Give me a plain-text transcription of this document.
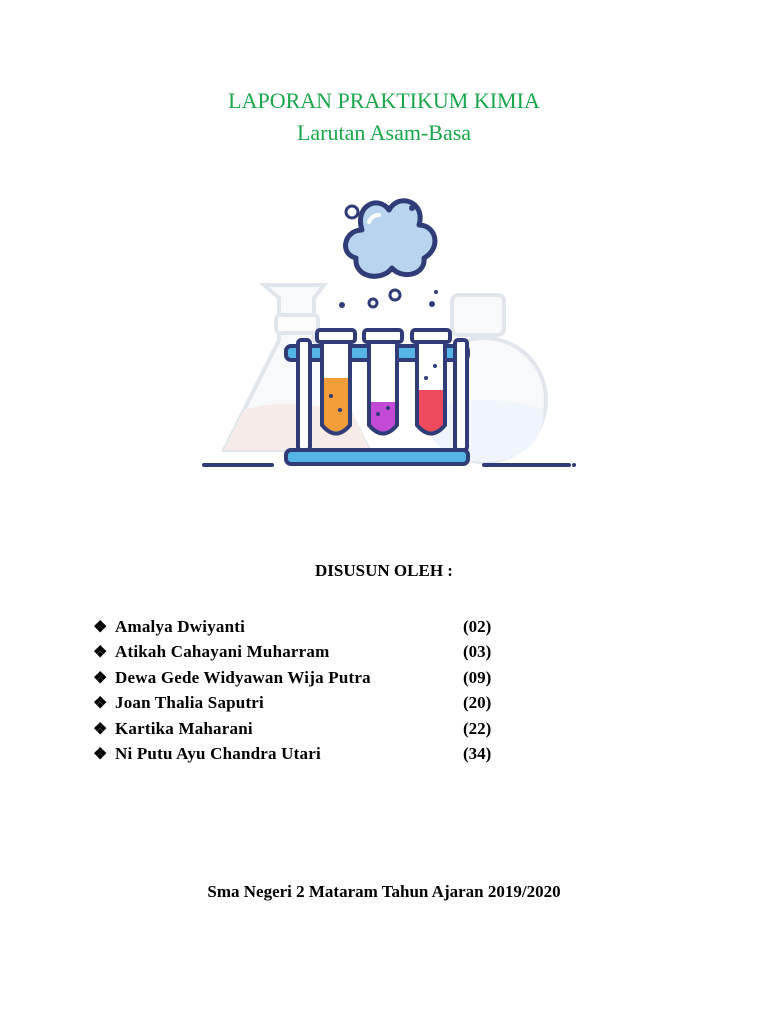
LAPORAN PRAKTIKUM KIMIA
Larutan Asam-Basa
DISUSUN OLEH :
❖ Amalya Dwiyanti	(02)
❖ Atikah Cahayani Muharram	(03)
❖ Dewa Gede Widyawan Wija Putra	(09)
❖ Joan Thalia Saputri	(20)
❖ Kartika Maharani	(22)
❖ Ni Putu Ayu Chandra Utari	(34)
Sma Negeri 2 Mataram Tahun Ajaran 2019/2020
